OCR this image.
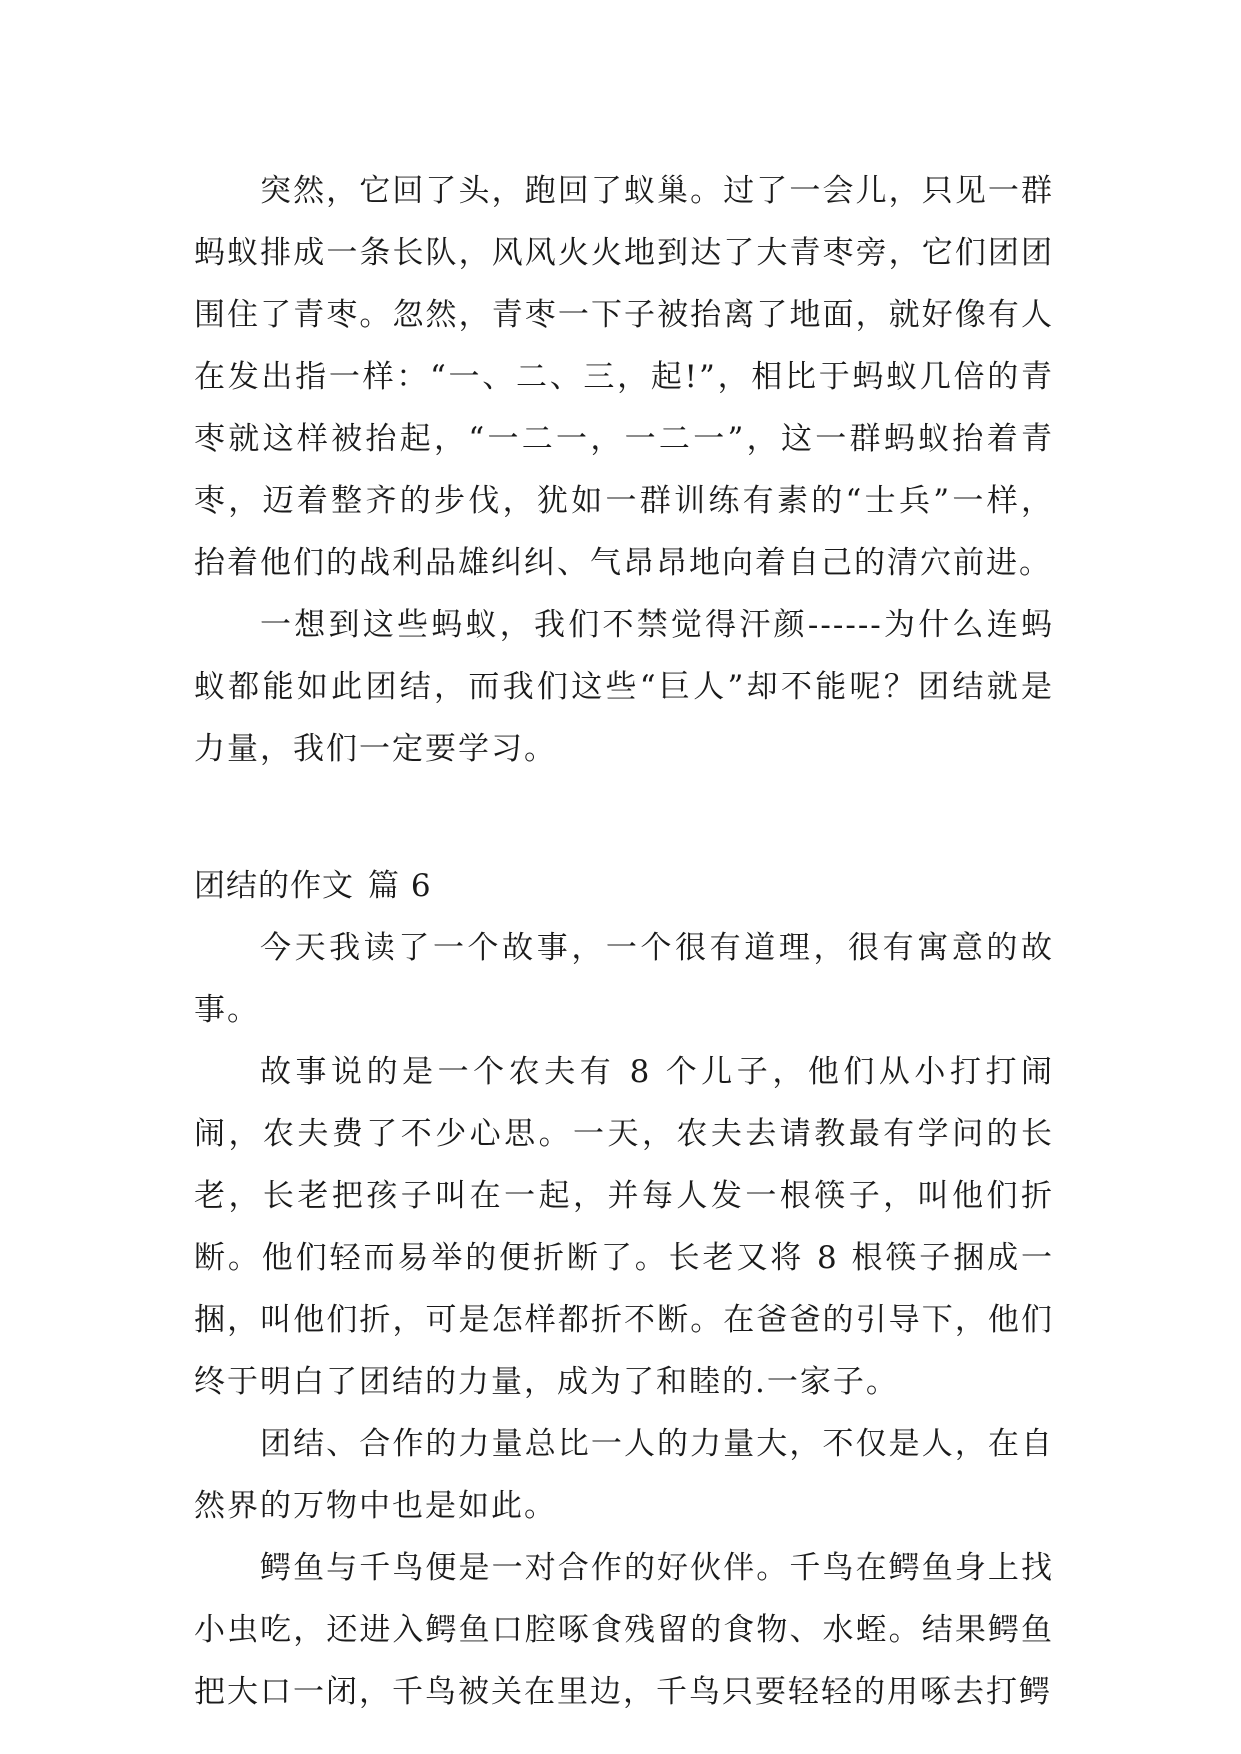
突然，它回了头，跑回了蚁巢。过了一会儿，只见一群蚂蚁排成一条长队，风风火火地到达了大青枣旁，它们团团围住了青枣。忽然，青枣一下子被抬离了地面，就好像有人在发出指一样：“一、二、三，起!”，相比于蚂蚁几倍的青枣就这样被抬起，“一二一，一二一”，这一群蚂蚁抬着青枣，迈着整齐的步伐，犹如一群训练有素的“士兵”一样，抬着他们的战利品雄纠纠、气昂昂地向着自己的清穴前进。

一想到这些蚂蚁，我们不禁觉得汗颜------为什么连蚂蚁都能如此团结，而我们这些“巨人”却不能呢？团结就是力量，我们一定要学习。

团结的作文 篇 6

今天我读了一个故事，一个很有道理，很有寓意的故事。

故事说的是一个农夫有 8 个儿子，他们从小打打闹闹，农夫费了不少心思。一天，农夫去请教最有学问的长老，长老把孩子叫在一起，并每人发一根筷子，叫他们折断。他们轻而易举的便折断了。长老又将 8 根筷子捆成一捆，叫他们折，可是怎样都折不断。在爸爸的引导下，他们终于明白了团结的力量，成为了和睦的.一家子。

团结、合作的力量总比一人的力量大，不仅是人，在自然界的万物中也是如此。

鳄鱼与千鸟便是一对合作的好伙伴。千鸟在鳄鱼身上找小虫吃，还进入鳄鱼口腔啄食残留的食物、水蛭。结果鳄鱼把大口一闭，千鸟被关在里边，千鸟只要轻轻的用啄去打鳄
